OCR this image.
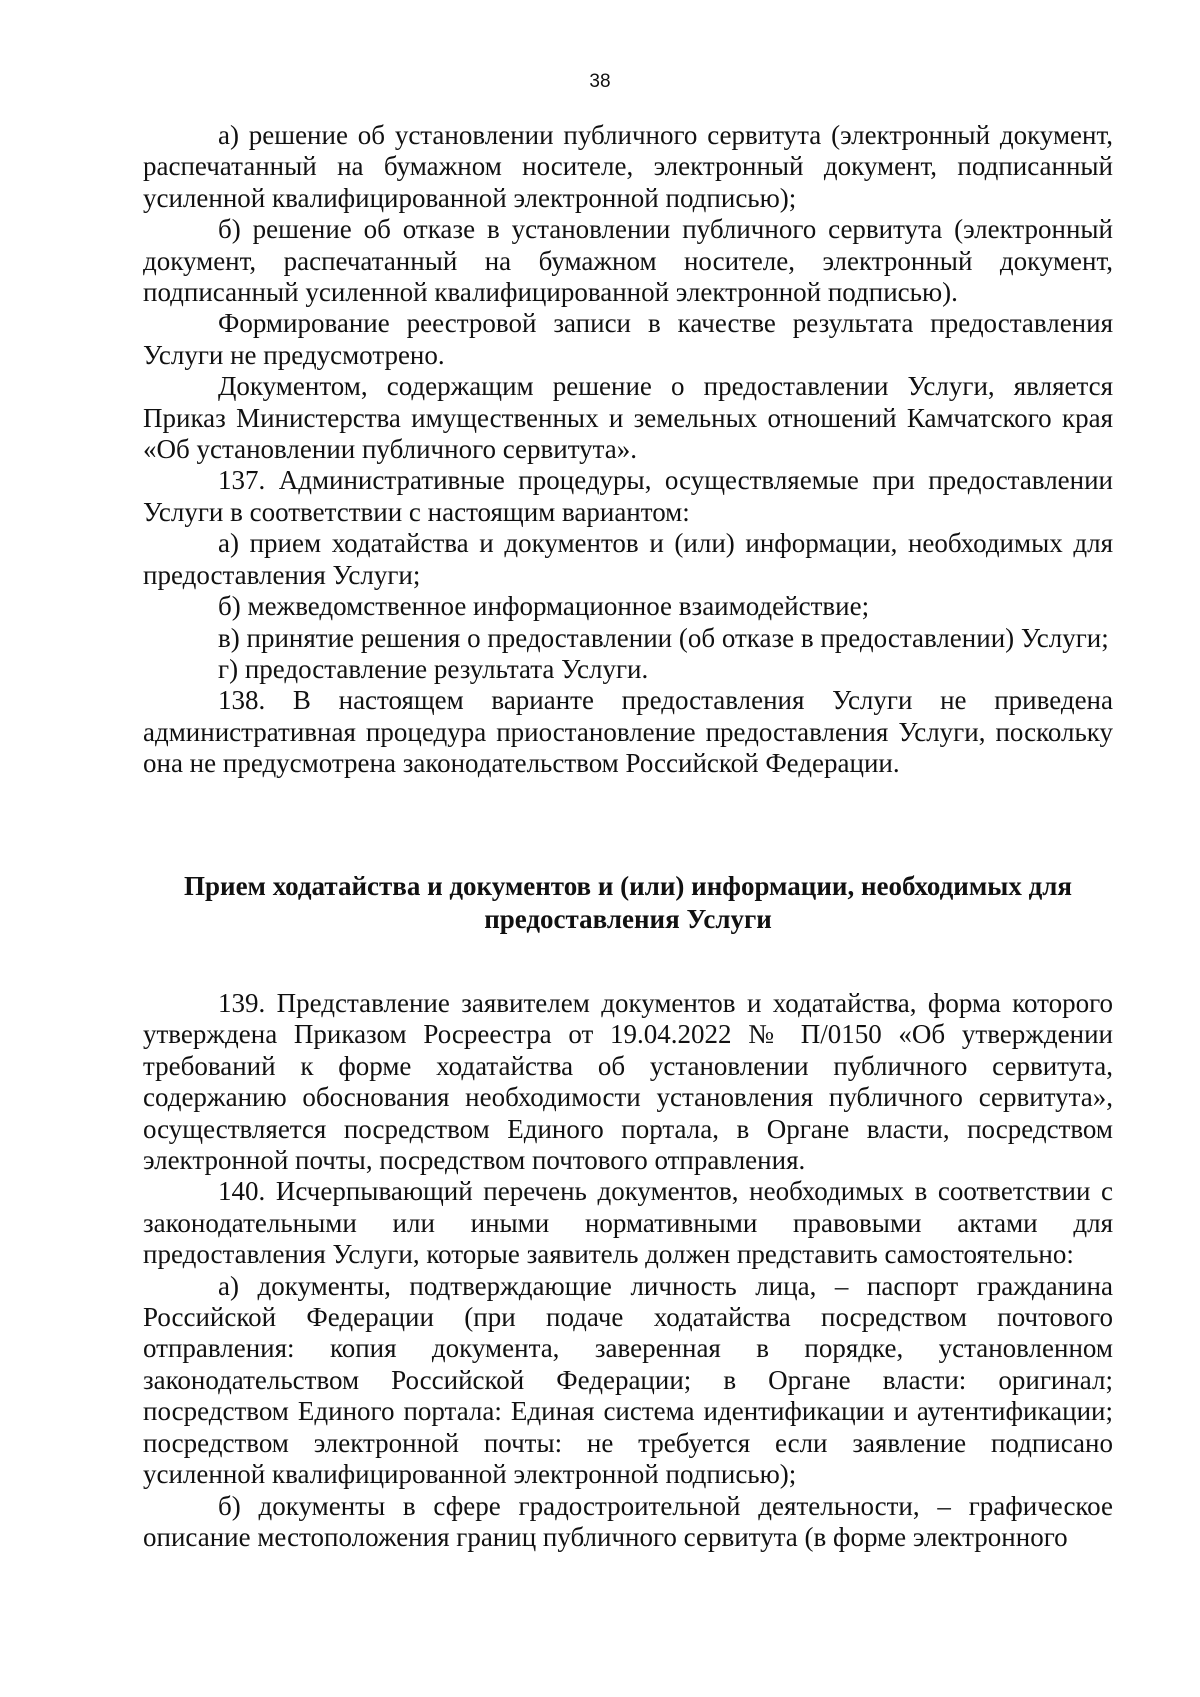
38

а) решение об установлении публичного сервитута (электронный документ, распечатанный на бумажном носителе, электронный документ, подписанный усиленной квалифицированной электронной подписью);

б) решение об отказе в установлении публичного сервитута (электронный документ, распечатанный на бумажном носителе, электронный документ, подписанный усиленной квалифицированной электронной подписью).

Формирование реестровой записи в качестве результата предоставления Услуги не предусмотрено.

Документом, содержащим решение о предоставлении Услуги, является Приказ Министерства имущественных и земельных отношений Камчатского края «Об установлении публичного сервитута».

137. Административные процедуры, осуществляемые при предоставлении Услуги в соответствии с настоящим вариантом:

а) прием ходатайства и документов и (или) информации, необходимых для предоставления Услуги;

б) межведомственное информационное взаимодействие;

в) принятие решения о предоставлении (об отказе в предоставлении) Услуги;

г) предоставление результата Услуги.

138. В настоящем варианте предоставления Услуги не приведена административная процедура приостановление предоставления Услуги, поскольку она не предусмотрена законодательством Российской Федерации.

Прием ходатайства и документов и (или) информации, необходимых для предоставления Услуги

139. Представление заявителем документов и ходатайства, форма которого утверждена Приказом Росреестра от 19.04.2022 № П/0150 «Об утверждении требований к форме ходатайства об установлении публичного сервитута, содержанию обоснования необходимости установления публичного сервитута», осуществляется посредством Единого портала, в Органе власти, посредством электронной почты, посредством почтового отправления.

140. Исчерпывающий перечень документов, необходимых в соответствии с законодательными или иными нормативными правовыми актами для предоставления Услуги, которые заявитель должен представить самостоятельно:

а) документы, подтверждающие личность лица, – паспорт гражданина Российской Федерации (при подаче ходатайства посредством почтового отправления: копия документа, заверенная в порядке, установленном законодательством Российской Федерации; в Органе власти: оригинал; посредством Единого портала: Единая система идентификации и аутентификации; посредством электронной почты: не требуется если заявление подписано усиленной квалифицированной электронной подписью);

б) документы в сфере градостроительной деятельности, – графическое описание местоположения границ публичного сервитута (в форме электронного
